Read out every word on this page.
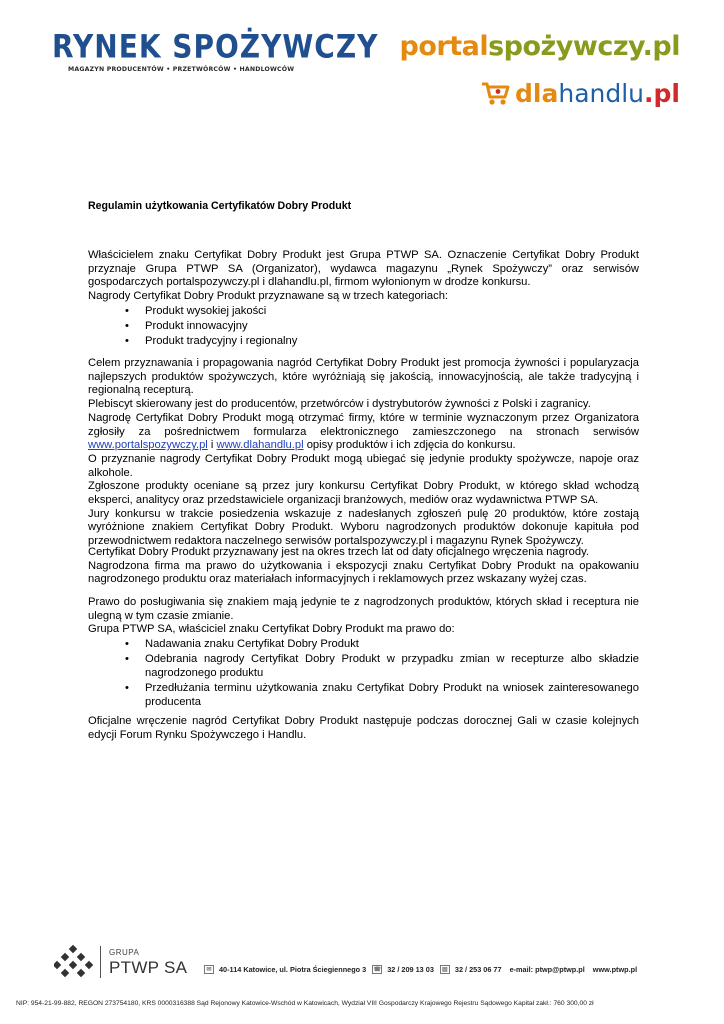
RYNEK SPOŻYWCZY
MAGAZYN PRODUCENTÓW • PRZETWÓRCÓW • HANDLOWCÓW
portalspożywczy.pl
dla handlu .pl
Regulamin użytkowania Certyfikatów Dobry Produkt

Właścicielem znaku Certyfikat Dobry Produkt jest Grupa PTWP SA. Oznaczenie Certyfikat Dobry Produkt przyznaje Grupa PTWP SA (Organizator), wydawca magazynu „Rynek Spożywczy” oraz serwisów gospodarczych portalspozywczy.pl i dlahandlu.pl, firmom wyłonionym w drodze konkursu.

Nagrody Certyfikat Dobry Produkt przyznawane są w trzech kategoriach:

• Produkt wysokiej jakości
• Produkt innowacyjny
• Produkt tradycyjny i regionalny

Celem przyznawania i propagowania nagród Certyfikat Dobry Produkt jest promocja żywności i popularyzacja najlepszych produktów spożywczych, które wyróżniają się jakością, innowacyjnością, ale także tradycyjną i regionalną recepturą.

Plebiscyt skierowany jest do producentów, przetwórców i dystrybutorów żywności z Polski i zagranicy.

Nagrodę Certyfikat Dobry Produkt mogą otrzymać firmy, które w terminie wyznaczonym przez Organizatora zgłosiły za pośrednictwem formularza elektronicznego zamieszczonego na stronach serwisów www.portalspozywczy.pl i www.dlahandlu.pl opisy produktów i ich zdjęcia do konkursu.

O przyznanie nagrody Certyfikat Dobry Produkt mogą ubiegać się jedynie produkty spożywcze, napoje oraz alkohole.

Zgłoszone produkty oceniane są przez jury konkursu Certyfikat Dobry Produkt, w którego skład wchodzą eksperci, analitycy oraz przedstawiciele organizacji branżowych, mediów oraz wydawnictwa PTWP SA.

Jury konkursu w trakcie posiedzenia wskazuje z nadesłanych zgłoszeń pulę 20 produktów, które zostają wyróżnione znakiem Certyfikat Dobry Produkt. Wyboru nagrodzonych produktów dokonuje kapituła pod przewodnictwem redaktora naczelnego serwisów portalspozywczy.pl i magazynu Rynek Spożywczy.

Certyfikat Dobry Produkt przyznawany jest na okres trzech lat od daty oficjalnego wręczenia nagrody.

Nagrodzona firma ma prawo do użytkowania i ekspozycji znaku Certyfikat Dobry Produkt na opakowaniu nagrodzonego produktu oraz materiałach informacyjnych i reklamowych przez wskazany wyżej czas.

Prawo do posługiwania się znakiem mają jedynie te z nagrodzonych produktów, których skład i receptura nie ulegną w tym czasie zmianie.

Grupa PTWP SA, właściciel znaku Certyfikat Dobry Produkt ma prawo do:

• Nadawania znaku Certyfikat Dobry Produkt
• Odebrania nagrody Certyfikat Dobry Produkt w przypadku zmian w recepturze albo składzie nagrodzonego produktu
• Przedłużania terminu użytkowania znaku Certyfikat Dobry Produkt na wniosek zainteresowanego producenta

Oficjalne wręczenie nagród Certyfikat Dobry Produkt następuje podczas dorocznej Gali w czasie kolejnych edycji Forum Rynku Spożywczego i Handlu.

GRUPA
PTWP SA	✉	40-114 Katowice, ul. Piotra Ściegiennego 3 ☎ 32 / 209 13 03	▤ 32 / 253 06 77 e-mail: ptwp@ptwp.pl www.ptwp.pl
NIP: 954-21-99-882, REGON 273754180, KRS 0000316388 Sąd Rejonowy Katowice-Wschód w Katowicach, Wydział VIII Gospodarczy Krajowego Rejestru Sądowego Kapitał zakł.: 760 300,00 zł
